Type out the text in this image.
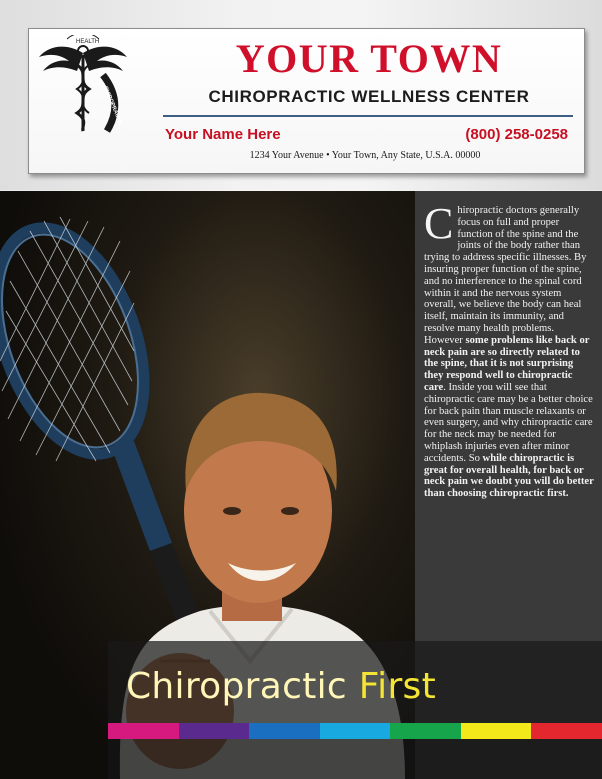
HEALTH
CHIROPRACTIC
YOUR TOWN
CHIROPRACTIC WELLNESS CENTER
Your Name Here	(800) 258-0258
1234 Your Avenue • Your Town, Any State, U.S.A. 00000
Chiropractic doctors generally focus on full and proper function of the spine and the joints of the body rather than trying to address specific illnesses. By insuring proper function of the spine, and no interference to the spinal cord within it and the nervous system overall, we believe the body can heal itself, maintain its immunity, and resolve many health problems. However some problems like back or neck pain are so directly related to the spine, that it is not surprising they respond well to chiropractic care. Inside you will see that chiropractic care may be a better choice for back pain than muscle relaxants or even surgery, and why chiropractic care for the neck may be needed for whiplash injuries even after minor accidents. So while chiropractic is great for overall health, for back or neck pain we doubt you will do better than choosing chiropractic first.
Chiropractic First
